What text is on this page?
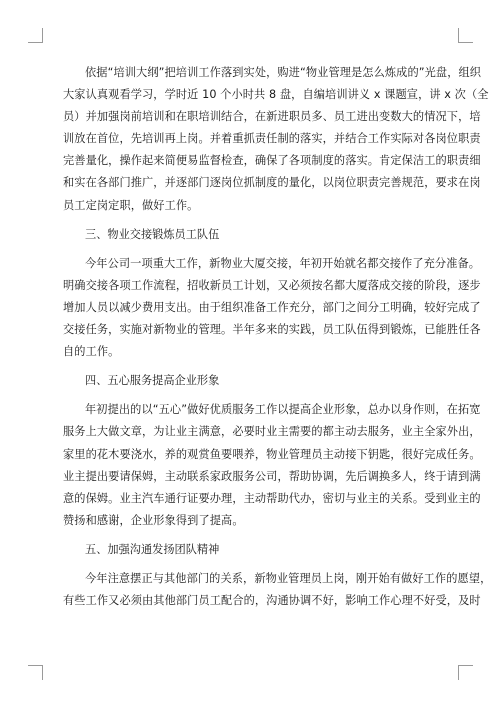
依据“培训大纲”把培训工作落到实处，购进“物业管理是怎么炼成的”光盘，组织
大家认真观看学习，学时近 10 个小时共 8 盘，自编培训讲义 x 课题宣，讲 x 次（全
员）并加强岗前培训和在职培训结合，在新进职员多、员工进出变数大的情况下，培
训放在首位，先培训再上岗。并着重抓责任制的落实，并结合工作实际对各岗位职责
完善量化，操作起来简便易监督检查，确保了各项制度的落实。肯定保洁工的职责细
和实在各部门推广，并逐部门逐岗位抓制度的量化，以岗位职责完善规范，要求在岗
员工定岗定职，做好工作。

三、物业交接锻炼员工队伍

今年公司一项重大工作，新物业大厦交接，年初开始就名都交接作了充分准备。
明确交接各项工作流程，招收新员工计划，又必须按名都大厦落成交接的阶段，逐步
增加人员以减少费用支出。由于组织准备工作充分，部门之间分工明确，较好完成了
交接任务，实施对新物业的管理。半年多来的实践，员工队伍得到锻炼，已能胜任各
自的工作。

四、五心服务提高企业形象

年初提出的以“五心”做好优质服务工作以提高企业形象，总办以身作则，在拓宽
服务上大做文章，为让业主满意，必要时业主需要的都主动去服务，业主全家外出，
家里的花木要浇水，养的观赏鱼要喂养，物业管理员主动接下钥匙，很好完成任务。
业主提出要请保姆，主动联系家政服务公司，帮助协调，先后调换多人，终于请到满
意的保姆。业主汽车通行证要办理，主动帮助代办，密切与业主的关系。受到业主的
赞扬和感谢，企业形象得到了提高。

五、加强沟通发扬团队精神

今年注意摆正与其他部门的关系，新物业管理员上岗，刚开始有做好工作的愿望，
有些工作又必须由其他部门员工配合的，沟通协调不好，影响工作心理不好受，及时
